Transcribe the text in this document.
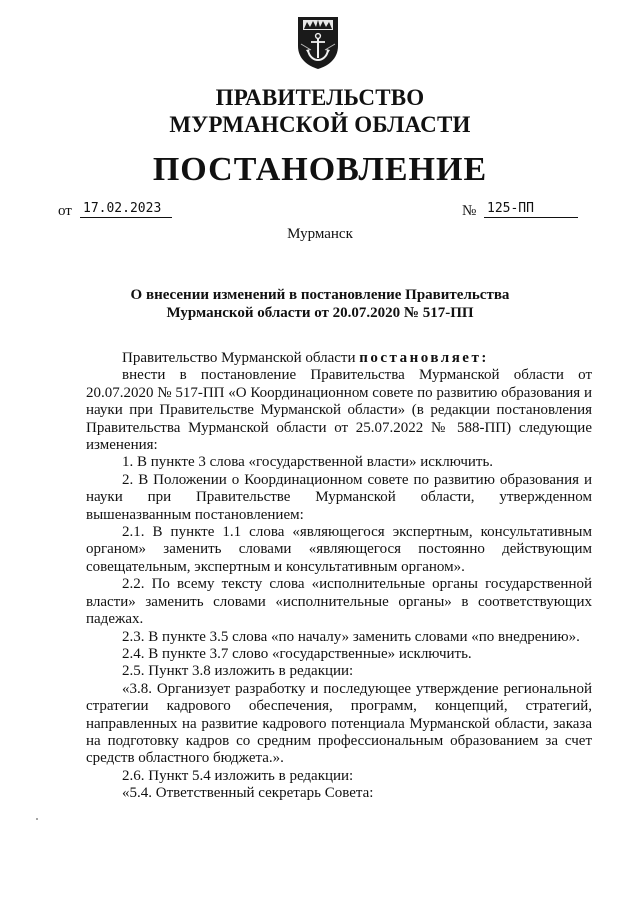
ПРАВИТЕЛЬСТВО
МУРМАНСКОЙ ОБЛАСТИ
ПОСТАНОВЛЕНИЕ
от 17.02.2023	№ 125-ПП
Мурманск
О внесении изменений в постановление Правительства
Мурманской области от 20.07.2020 № 517-ПП

Правительство Мурманской области постановляет:

внести в постановление Правительства Мурманской области от 20.07.2020 № 517-ПП «О Координационном совете по развитию образования и науки при Правительстве Мурманской области» (в редакции постановления Правительства Мурманской области от 25.07.2022 № 588-ПП) следующие изменения:

1. В пункте 3 слова «государственной власти» исключить.

2. В Положении о Координационном совете по развитию образования и науки при Правительстве Мурманской области, утвержденном вышеназванным постановлением:

2.1. В пункте 1.1 слова «являющегося экспертным, консультативным органом» заменить словами «являющегося постоянно действующим совещательным, экспертным и консультативным органом».

2.2. По всему тексту слова «исполнительные органы государственной власти» заменить словами «исполнительные органы» в соответствующих падежах.

2.3. В пункте 3.5 слова «по началу» заменить словами «по внедрению».

2.4. В пункте 3.7 слово «государственные» исключить.

2.5. Пункт 3.8 изложить в редакции:

«3.8. Организует разработку и последующее утверждение региональной стратегии кадрового обеспечения, программ, концепций, стратегий, направленных на развитие кадрового потенциала Мурманской области, заказа на подготовку кадров со средним профессиональным образованием за счет средств областного бюджета.».

2.6. Пункт 5.4 изложить в редакции:

«5.4. Ответственный секретарь Совета:
